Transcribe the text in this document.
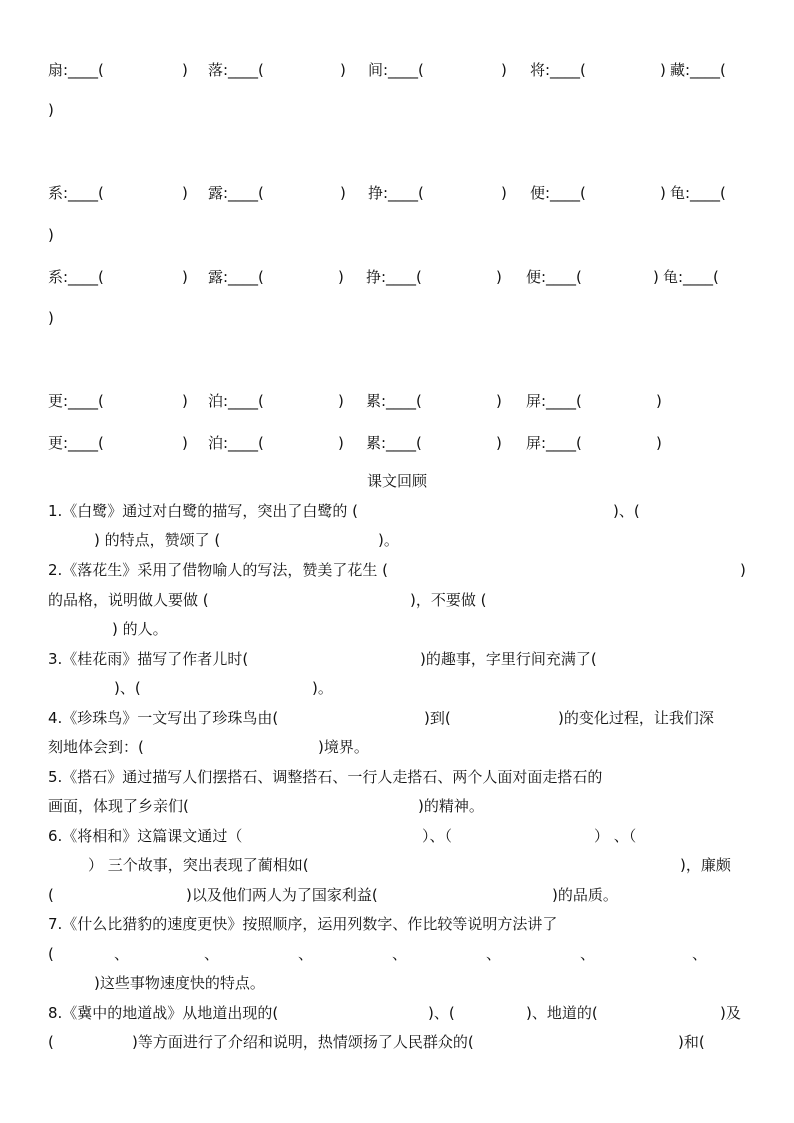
扇:____(	) 落:____(	) 间:____(	) 将:____(	) 藏:____(
)
系:____(	) 露:____(	) 挣:____(	) 便:____(	) 龟:____(
)
系:____(	) 露:____(	) 挣:____(	) 便:____(	) 龟:____(
)
更:____(	) 泊:____(	) 累:____(	) 屏:____(	)
更:____(	) 泊:____(	) 累:____(	) 屏:____(	)
课文回顾
1.《白鹭》通过对白鹭的描写，突出了白鹭的 (	)、(
) 的特点，赞颂了 (	)。
2.《落花生》采用了借物喻人的写法，赞美了花生 (	)
的品格，说明做人要做 (	)，不要做 (
) 的人。
3.《桂花雨》描写了作者儿时(	)的趣事，字里行间充满了(
)、(	)。
4.《珍珠鸟》一文写出了珍珠鸟由(	)到(	)的变化过程，让我们深
刻地体会到：(	)境界。
5.《搭石》通过描写人们摆搭石、调整搭石、一行人走搭石、两个人面对面走搭石的
画面，体现了乡亲们(	)的精神。
6.《将相和》这篇课文通过（	）、（	） 、（
） 三个故事，突出表现了蔺相如(	)，廉颇
(	)以及他们两人为了国家利益(	)的品质。
7.《什么比猎豹的速度更快》按照顺序，运用列数字、作比较等说明方法讲了
(	、	、	、	、	、	、	、
)这些事物速度快的特点。
8.《冀中的地道战》从地道出现的(	)、(	)、地道的(	)及
(	)等方面进行了介绍和说明，热情颂扬了人民群众的(	)和(
